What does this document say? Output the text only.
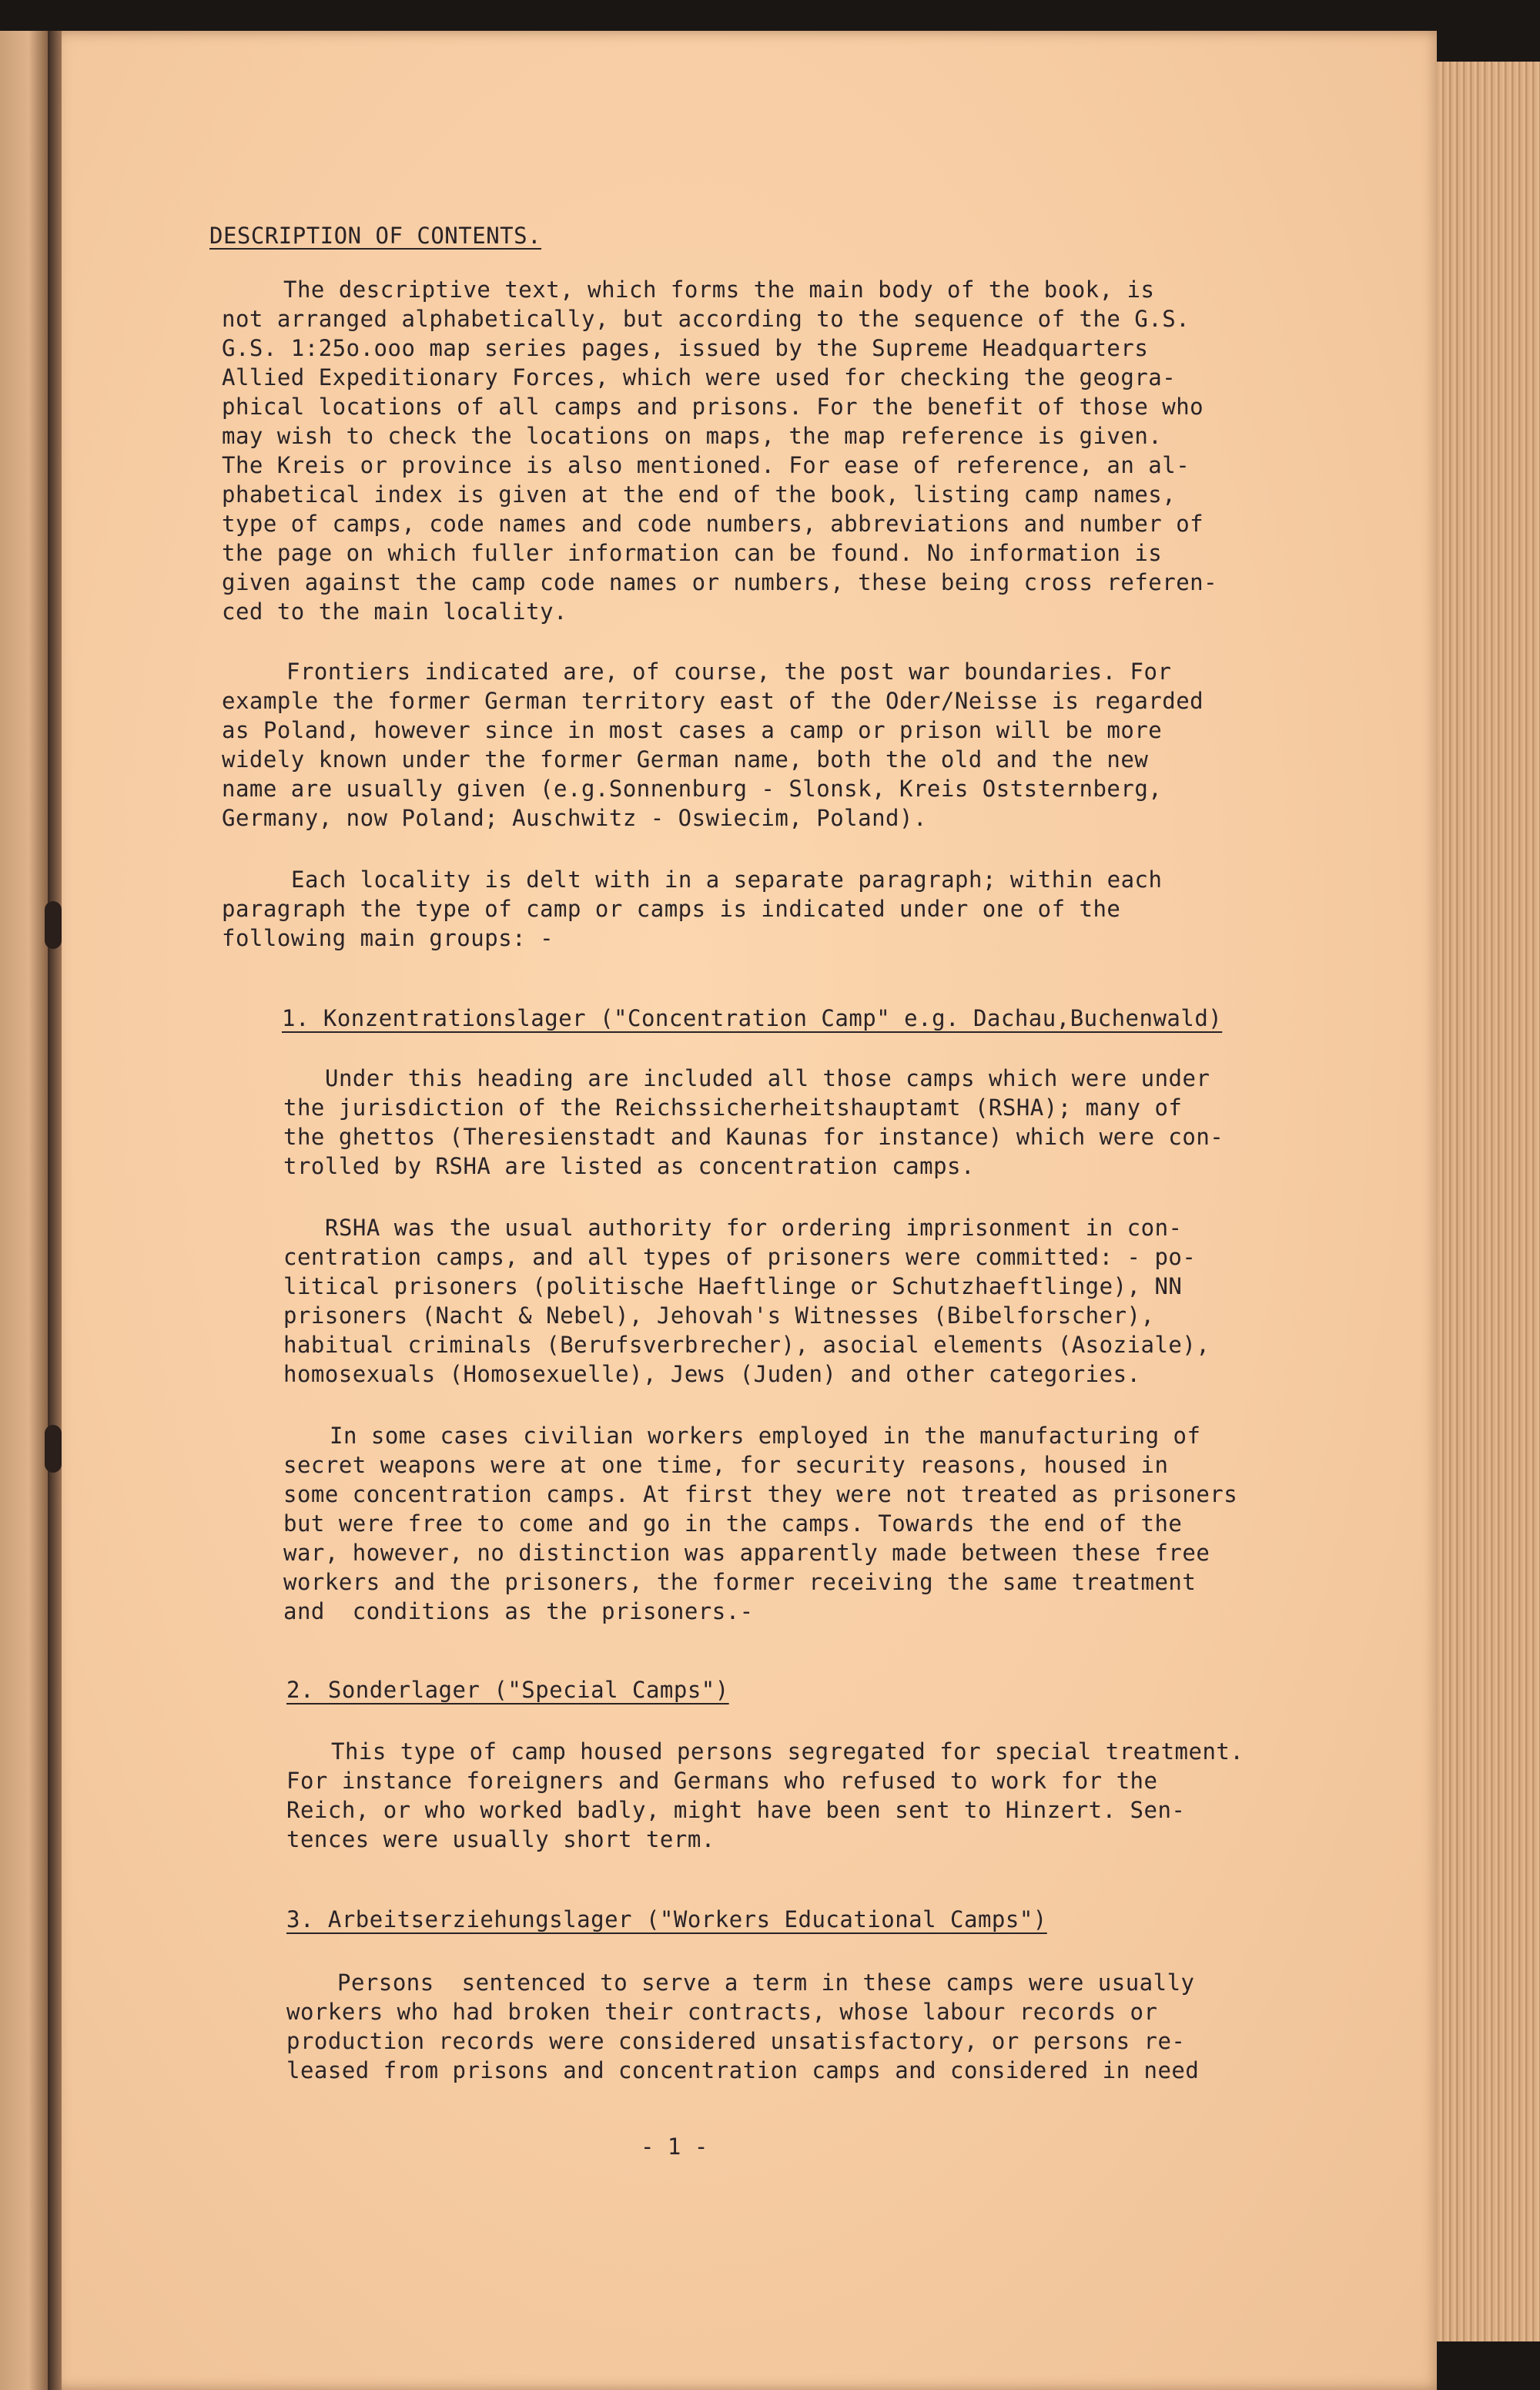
DESCRIPTION OF CONTENTS.
The descriptive text, which forms the main body of the book, is
not arranged alphabetically, but according to the sequence of the G.S.
G.S. 1:25o.ooo map series pages, issued by the Supreme Headquarters
Allied Expeditionary Forces, which were used for checking the geogra-
phical locations of all camps and prisons. For the benefit of those who
may wish to check the locations on maps, the map reference is given.
The Kreis or province is also mentioned. For ease of reference, an al-
phabetical index is given at the end of the book, listing camp names,
type of camps, code names and code numbers, abbreviations and number of
the page on which fuller information can be found. No information is
given against the camp code names or numbers, these being cross referen-
ced to the main locality.
Frontiers indicated are, of course, the post war boundaries. For
example the former German territory east of the Oder/Neisse is regarded
as Poland, however since in most cases a camp or prison will be more
widely known under the former German name, both the old and the new
name are usually given (e.g.Sonnenburg - Slonsk, Kreis Oststernberg,
Germany, now Poland; Auschwitz - Oswiecim, Poland).
Each locality is delt with in a separate paragraph; within each
paragraph the type of camp or camps is indicated under one of the
following main groups: -
1. Konzentrationslager ("Concentration Camp" e.g. Dachau,Buchenwald)
Under this heading are included all those camps which were under
the jurisdiction of the Reichssicherheitshauptamt (RSHA); many of
the ghettos (Theresienstadt and Kaunas for instance) which were con-
trolled by RSHA are listed as concentration camps.
RSHA was the usual authority for ordering imprisonment in con-
centration camps, and all types of prisoners were committed: - po-
litical prisoners (politische Haeftlinge or Schutzhaeftlinge), NN
prisoners (Nacht & Nebel), Jehovah's Witnesses (Bibelforscher),
habitual criminals (Berufsverbrecher), asocial elements (Asoziale),
homosexuals (Homosexuelle), Jews (Juden) and other categories.
In some cases civilian workers employed in the manufacturing of
secret weapons were at one time, for security reasons, housed in
some concentration camps. At first they were not treated as prisoners
but were free to come and go in the camps. Towards the end of the
war, however, no distinction was apparently made between these free
workers and the prisoners, the former receiving the same treatment
and  conditions as the prisoners.-
2. Sonderlager ("Special Camps")
This type of camp housed persons segregated for special treatment.
For instance foreigners and Germans who refused to work for the
Reich, or who worked badly, might have been sent to Hinzert. Sen-
tences were usually short term.
3. Arbeitserziehungslager ("Workers Educational Camps")
Persons  sentenced to serve a term in these camps were usually
workers who had broken their contracts, whose labour records or
production records were considered unsatisfactory, or persons re-
leased from prisons and concentration camps and considered in need
- 1 -
